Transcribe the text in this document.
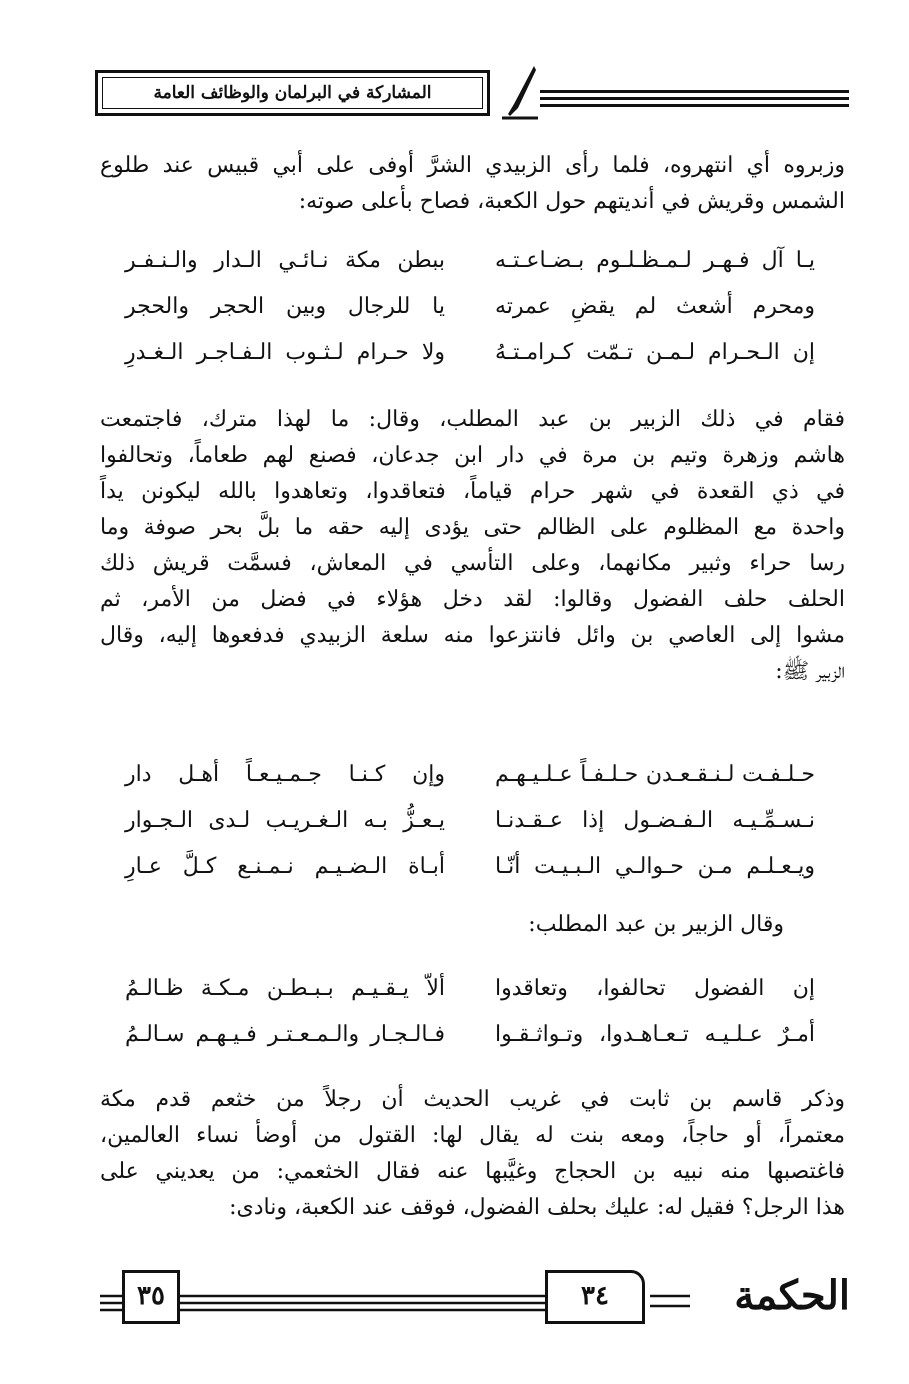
المشاركة في البرلمان والوظائف العامة

وزبروه أي انتهروه، فلما رأى الزبيدي الشرَّ أوفى على أبي قبيس عند طلوع

الشمس وقريش في أنديتهم حول الكعبة، فصاح بأعلى صوته:

يـا آل فـهـر لـمـظـلـوم بـضـاعـتـه
ببطن مكة نـائـي الـدار والـنـفـر
ومحرم أشعث لم يقضِ عمرته
يا للرجال وبين الحجر والحجر
إن الـحـرام لـمـن تـمّت كـرامـتـهُ
ولا حـرام لـثـوب الـفـاجـر الـغـدرِ

فقام في ذلك الزبير بن عبد المطلب، وقال: ما لهذا مترك، فاجتمعت

هاشم وزهرة وتيم بن مرة في دار ابن جدعان، فصنع لهم طعاماً، وتحالفوا

في ذي القعدة في شهر حرام قياماً، فتعاقدوا، وتعاهدوا بالله ليكونن يداً

واحدة مع المظلوم على الظالم حتى يؤدى إليه حقه ما بلَّ بحر صوفة وما

رسا حراء وثبير مكانهما، وعلى التأسي في المعاش، فسمَّت قريش ذلك

الحلف حلف الفضول وقالوا: لقد دخل هؤلاء في فضل من الأمر، ثم

مشوا إلى العاصي بن وائل فانتزعوا منه سلعة الزبيدي فدفعوها إليه، وقال

الزبير ﷺ:

حـلـفـت لـنـقـعـدن حـلـفـاً عـلـيـهـم
وإن كـنـا جـمـيـعـاً أهـل دار
نـسـمِّـيـه الـفـضـول إذا عـقـدنـا
يـعـزُّ بـه الـغـريـب لـدى الـجـوار
ويـعـلـم مـن حـوالـي الـبـيـت أنّـا
أبـاة الـضـيـم نـمـنـع كـلَّ عـارِ
وقال الزبير بن عبد المطلب:
إن الفضول تحالفوا، وتعاقدوا
ألاّ يـقـيـم بـبـطـن مـكـة ظـالـمُ
أمـرٌ عـلـيـه تـعـاهـدوا، وتـواثـقـوا
فـالـجـار والـمـعـتـر فـيـهـم سـالـمُ

وذكر قاسم بن ثابت في غريب الحديث أن رجلاً من خثعم قدم مكة

معتمراً، أو حاجاً، ومعه بنت له يقال لها: القتول من أوضأ نساء العالمين،

فاغتصبها منه نبيه بن الحجاج وغيَّبها عنه فقال الخثعمي: من يعديني على

هذا الرجل؟ فقيل له: عليك بحلف الفضول، فوقف عند الكعبة، ونادى:

٣٥	٣٤	الحكمة
